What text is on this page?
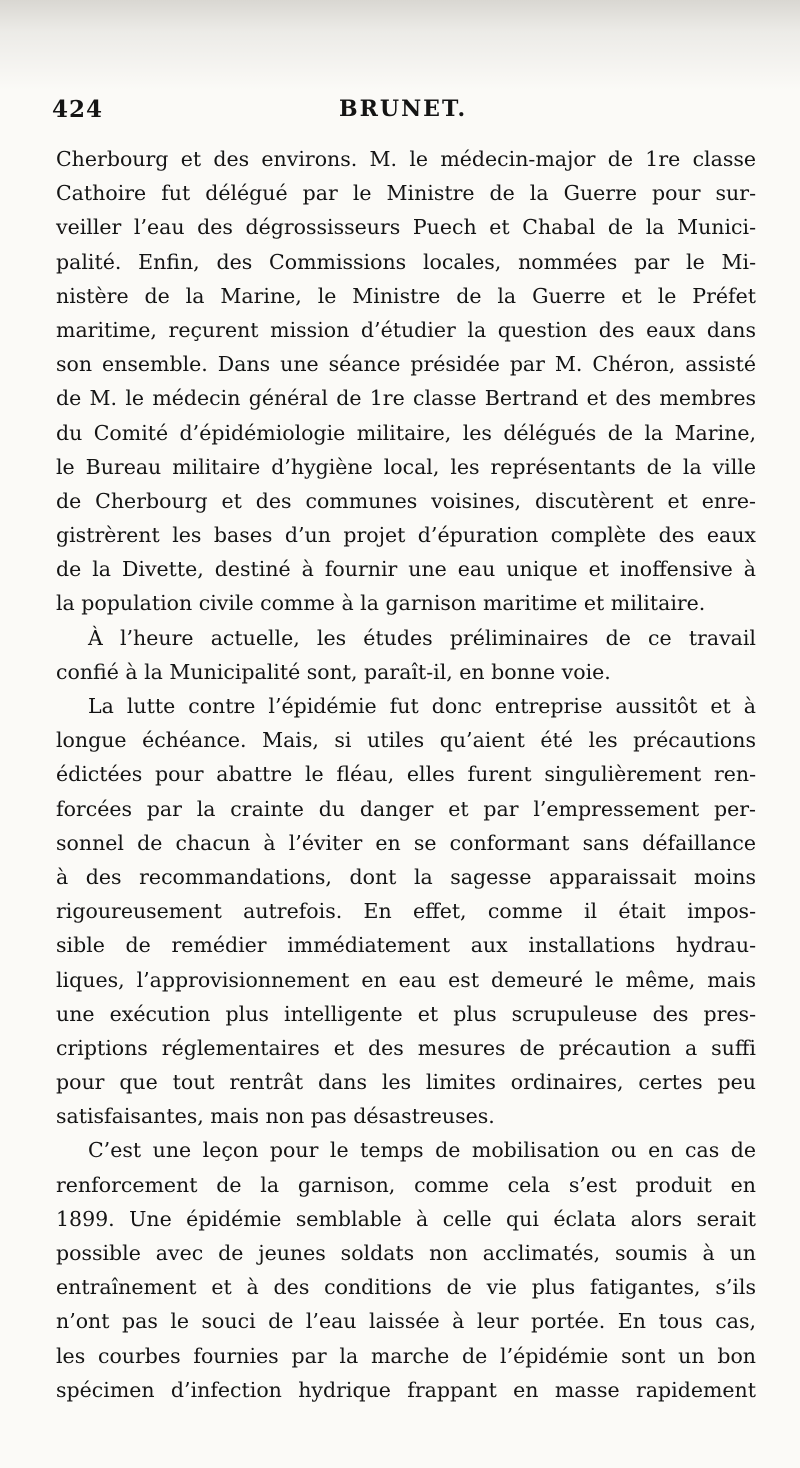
424	BRUNET.
Cherbourg et des environs. M. le médecin-major de 1re classe
Cathoire fut délégué par le Ministre de la Guerre pour sur-
veiller l’eau des dégrossisseurs Puech et Chabal de la Munici-
palité. Enfin, des Commissions locales, nommées par le Mi-
nistère de la Marine, le Ministre de la Guerre et le Préfet
maritime, reçurent mission d’étudier la question des eaux dans
son ensemble. Dans une séance présidée par M. Chéron, assisté
de M. le médecin général de 1re classe Bertrand et des membres
du Comité d’épidémiologie militaire, les délégués de la Marine,
le Bureau militaire d’hygiène local, les représentants de la ville
de Cherbourg et des communes voisines, discutèrent et enre-
gistrèrent les bases d’un projet d’épuration complète des eaux
de la Divette, destiné à fournir une eau unique et inoffensive à
la population civile comme à la garnison maritime et militaire.
À l’heure actuelle, les études préliminaires de ce travail
confié à la Municipalité sont, paraît-il, en bonne voie.
La lutte contre l’épidémie fut donc entreprise aussitôt et à
longue échéance. Mais, si utiles qu’aient été les précautions
édictées pour abattre le fléau, elles furent singulièrement ren-
forcées par la crainte du danger et par l’empressement per-
sonnel de chacun à l’éviter en se conformant sans défaillance
à des recommandations, dont la sagesse apparaissait moins
rigoureusement autrefois. En effet, comme il était impos-
sible de remédier immédiatement aux installations hydrau-
liques, l’approvisionnement en eau est demeuré le même, mais
une exécution plus intelligente et plus scrupuleuse des pres-
criptions réglementaires et des mesures de précaution a suffi
pour que tout rentrât dans les limites ordinaires, certes peu
satisfaisantes, mais non pas désastreuses.
C’est une leçon pour le temps de mobilisation ou en cas de
renforcement de la garnison, comme cela s’est produit en
1899. Une épidémie semblable à celle qui éclata alors serait
possible avec de jeunes soldats non acclimatés, soumis à un
entraînement et à des conditions de vie plus fatigantes, s’ils
n’ont pas le souci de l’eau laissée à leur portée. En tous cas,
les courbes fournies par la marche de l’épidémie sont un bon
spécimen d’infection hydrique frappant en masse rapidement
